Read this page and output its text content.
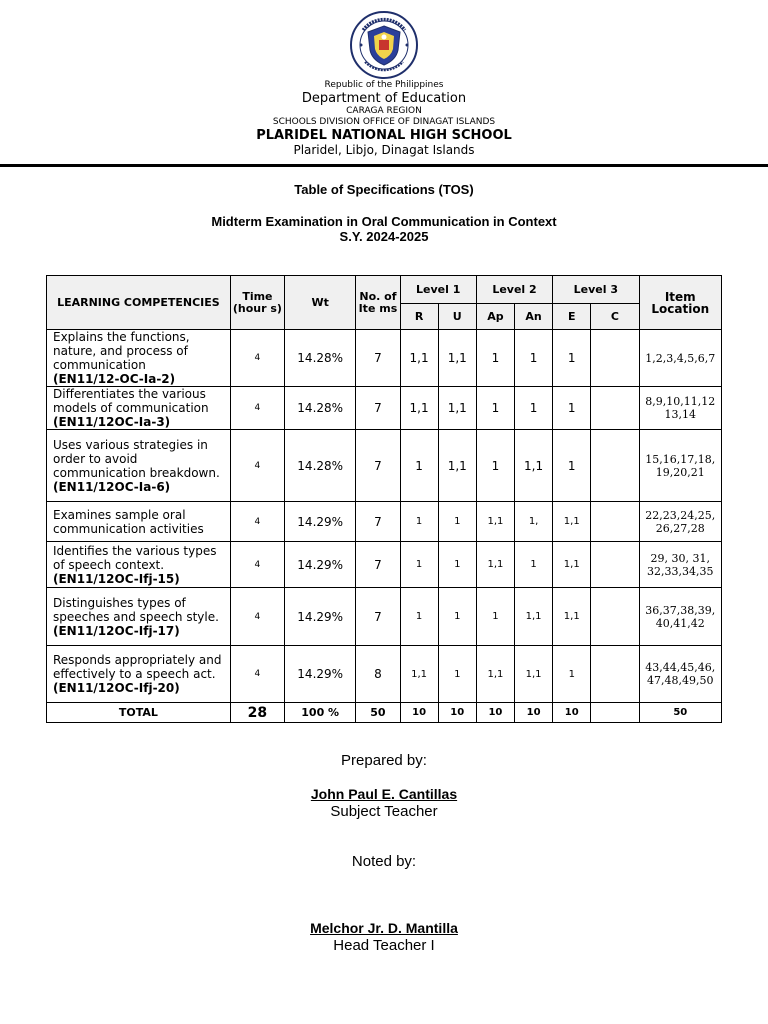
Republic of the Philippines
Department of Education
CARAGA REGION
SCHOOLS DIVISION OFFICE OF DINAGAT ISLANDS
PLARIDEL NATIONAL HIGH SCHOOL
Plaridel, Libjo, Dinagat Islands
Table of Specifications (TOS)
Midterm Examination in Oral Communication in Context
S.Y. 2024-2025
LEARNING COMPETENCIES	Time (hour s)	Wt	No. of Ite ms	Level 1		Level 2		Level 3		Item Location
				R	U	Ap	An	E	C	
Explains the functions, nature, and process of communication
(EN11/12-OC-Ia-2)	4	14.28%	7	1,1	1,1	1	1	1		1,2,3,4,5,6,7
Differentiates the various models of communication
(EN11/12OC-Ia-3)	4	14.28%	7	1,1	1,1	1	1	1		8,9,10,11,12 13,14
Uses various strategies in order to avoid communication breakdown.
(EN11/12OC-Ia-6)	4	14.28%	7	1	1,1	1	1,1	1		15,16,17,18, 19,20,21
Examines sample oral communication activities	4	14.29%	7	1	1	1,1	1,	1,1		22,23,24,25, 26,27,28
Identifies the various types of speech context.
(EN11/12OC-Ifj-15)	4	14.29%	7	1	1	1,1	1	1,1		29, 30, 31, 32,33,34,35
Distinguishes types of speeches and speech style.
(EN11/12OC-Ifj-17)	4	14.29%	7	1	1	1	1,1	1,1		36,37,38,39, 40,41,42
Responds appropriately and effectively to a speech act.
(EN11/12OC-Ifj-20)	4	14.29%	8	1,1	1	1,1	1,1	1		43,44,45,46, 47,48,49,50
TOTAL	28	100 %	50	10	10	10	10	10		50
Prepared by:
John Paul E. Cantillas
Subject Teacher
Noted by:
Melchor Jr. D. Mantilla
Head Teacher I
